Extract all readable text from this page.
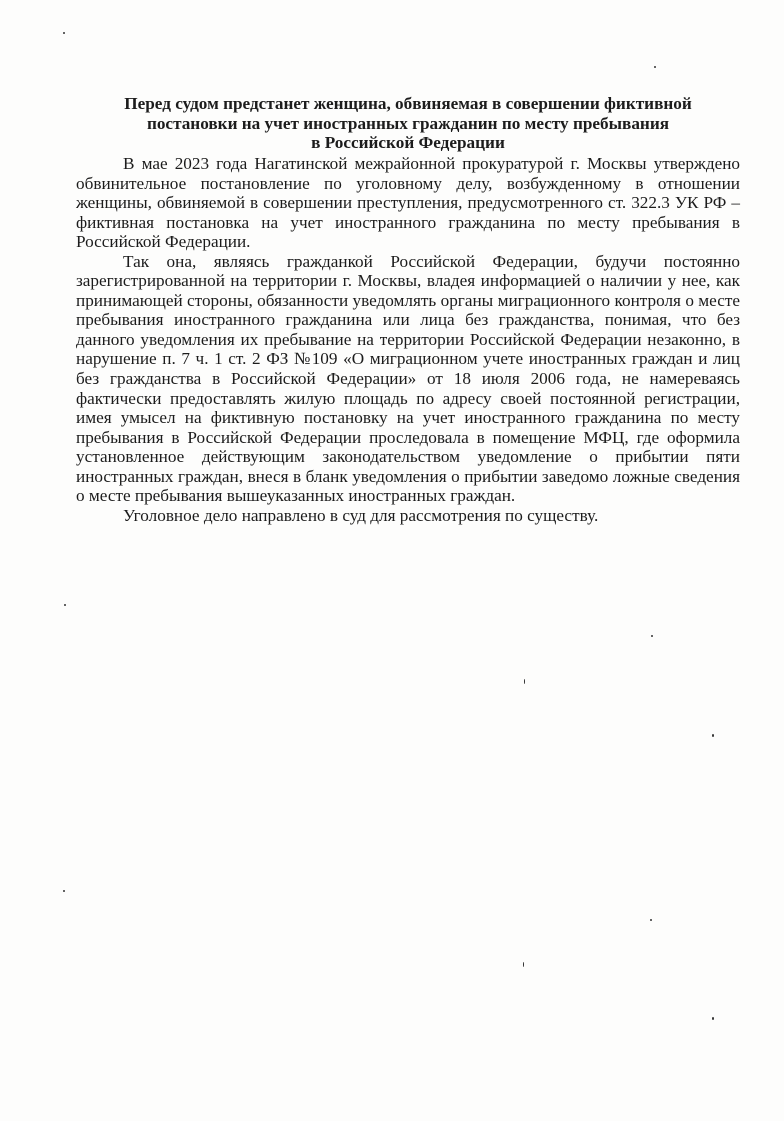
Перед судом предстанет женщина, обвиняемая в совершении фиктивной
постановки на учет иностранных гражданин по месту пребывания
в Российской Федерации

В мае 2023 года Нагатинской межрайонной прокуратурой г. Москвы утверждено обвинительное постановление по уголовному делу, возбужденному в отношении женщины, обвиняемой в совершении преступления, предусмотренного ст. 322.3 УК РФ – фиктивная постановка на учет иностранного гражданина по месту пребывания в Российской Федерации.

Так она, являясь гражданкой Российской Федерации, будучи постоянно зарегистрированной на территории г. Москвы, владея информацией о наличии у нее, как принимающей стороны, обязанности уведомлять органы миграционного контроля о месте пребывания иностранного гражданина или лица без гражданства, понимая, что без данного уведомления их пребывание на территории Российской Федерации незаконно, в нарушение п. 7 ч. 1 ст. 2 ФЗ №109 «О миграционном учете иностранных граждан и лиц без гражданства в Российской Федерации» от 18 июля 2006 года, не намереваясь фактически предоставлять жилую площадь по адресу своей постоянной регистрации, имея умысел на фиктивную постановку на учет иностранного гражданина по месту пребывания в Российской Федерации проследовала в помещение МФЦ, где оформила установленное действующим законодательством уведомление о прибытии пяти иностранных граждан, внеся в бланк уведомления о прибытии заведомо ложные сведения о месте пребывания вышеуказанных иностранных граждан.

Уголовное дело направлено в суд для рассмотрения по существу.
